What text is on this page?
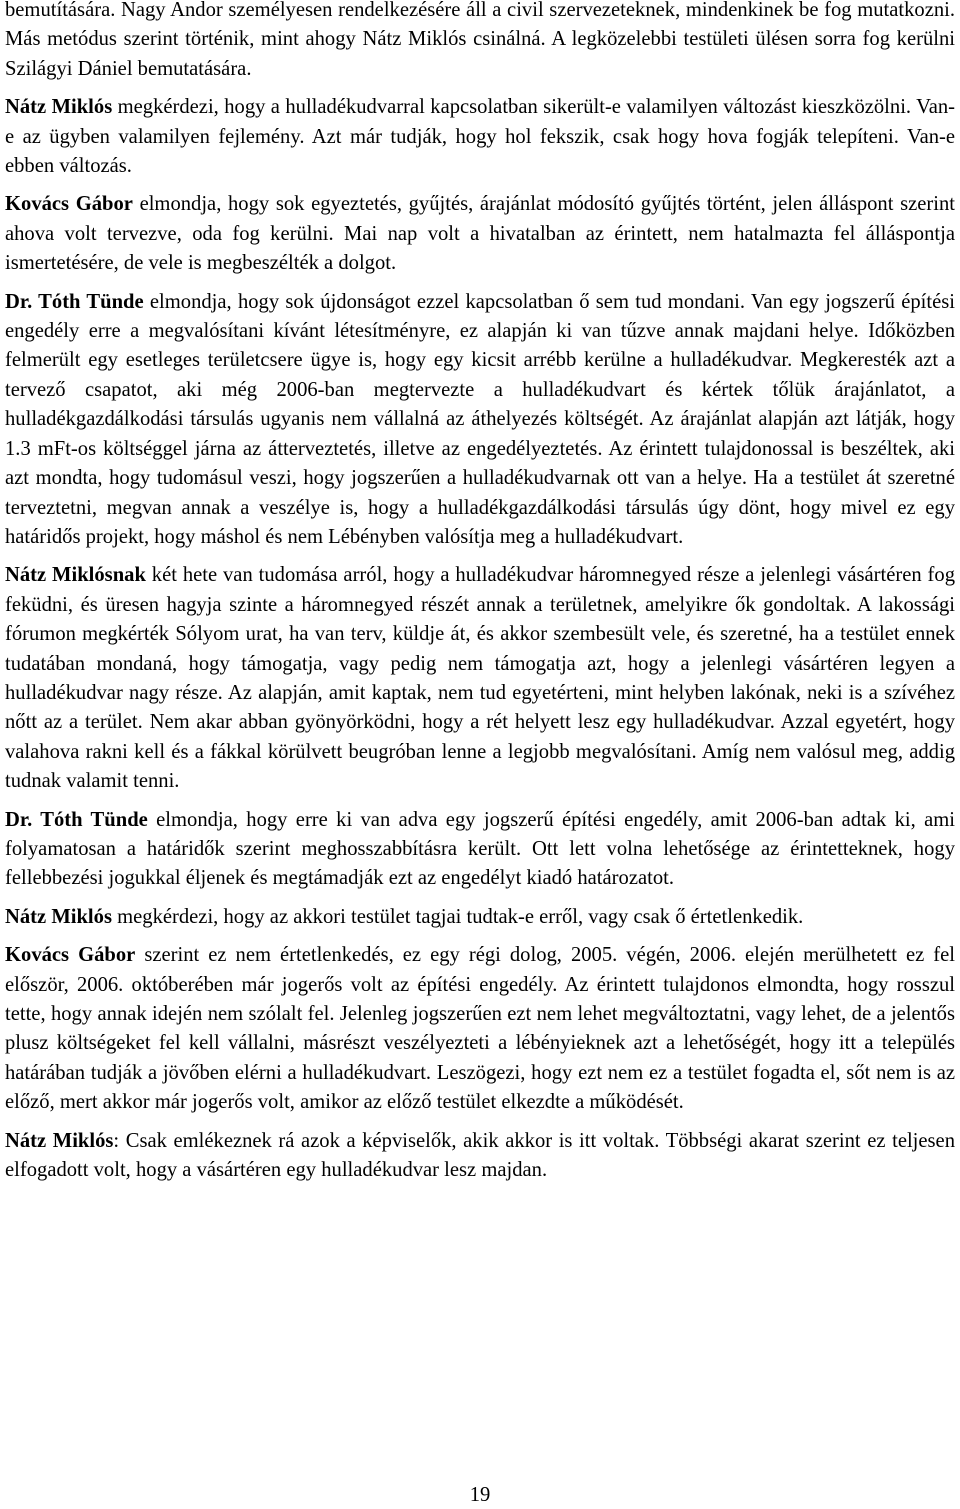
bemutítására. Nagy Andor személyesen rendelkezésére áll a civil szervezeteknek, mindenkinek be fog mutatkozni. Más metódus szerint történik, mint ahogy Nátz Miklós csinálná. A legközelebbi testületi ülésen sorra fog kerülni Szilágyi Dániel bemutatására.

Nátz Miklós megkérdezi, hogy a hulladékudvarral kapcsolatban sikerült-e valamilyen változást kieszközölni. Van-e az ügyben valamilyen fejlemény. Azt már tudják, hogy hol fekszik, csak hogy hova fogják telepíteni. Van-e ebben változás.

Kovács Gábor elmondja, hogy sok egyeztetés, gyűjtés, árajánlat módosító gyűjtés történt, jelen álláspont szerint ahova volt tervezve, oda fog kerülni. Mai nap volt a hivatalban az érintett, nem hatalmazta fel álláspontja ismertetésére, de vele is megbeszélték a dolgot.

Dr. Tóth Tünde elmondja, hogy sok újdonságot ezzel kapcsolatban ő sem tud mondani. Van egy jogszerű építési engedély erre a megvalósítani kívánt létesítményre, ez alapján ki van tűzve annak majdani helye. Időközben felmerült egy esetleges területcsere ügye is, hogy egy kicsit arrébb kerülne a hulladékudvar. Megkeresték azt a tervező csapatot, aki még 2006-ban megtervezte a hulladékudvart és kértek tőlük árajánlatot, a hulladékgazdálkodási társulás ugyanis nem vállalná az áthelyezés költségét. Az árajánlat alapján azt látják, hogy 1.3 mFt-os költséggel járna az átterveztetés, illetve az engedélyeztetés. Az érintett tulajdonossal is beszéltek, aki azt mondta, hogy tudomásul veszi, hogy jogszerűen a hulladékudvarnak ott van a helye. Ha a testület át szeretné terveztetni, megvan annak a veszélye is, hogy a hulladékgazdálkodási társulás úgy dönt, hogy mivel ez egy határidős projekt, hogy máshol és nem Lébényben valósítja meg a hulladékudvart.

Nátz Miklósnak két hete van tudomása arról, hogy a hulladékudvar háromnegyed része a jelenlegi vásártéren fog feküdni, és üresen hagyja szinte a háromnegyed részét annak a területnek, amelyikre ők gondoltak. A lakossági fórumon megkérték Sólyom urat, ha van terv, küldje át, és akkor szembesült vele, és szeretné, ha a testület ennek tudatában mondaná, hogy támogatja, vagy pedig nem támogatja azt, hogy a jelenlegi vásártéren legyen a hulladékudvar nagy része. Az alapján, amit kaptak, nem tud egyetérteni, mint helyben lakónak, neki is a szívéhez nőtt az a terület. Nem akar abban gyönyörködni, hogy a rét helyett lesz egy hulladékudvar. Azzal egyetért, hogy valahova rakni kell és a fákkal körülvett beugróban lenne a legjobb megvalósítani. Amíg nem valósul meg, addig tudnak valamit tenni.

Dr. Tóth Tünde elmondja, hogy erre ki van adva egy jogszerű építési engedély, amit 2006-ban adtak ki, ami folyamatosan a határidők szerint meghosszabbításra került. Ott lett volna lehetősége az érintetteknek, hogy fellebbezési jogukkal éljenek és megtámadják ezt az engedélyt kiadó határozatot.

Nátz Miklós megkérdezi, hogy az akkori testület tagjai tudtak-e erről, vagy csak ő értetlenkedik.

Kovács Gábor szerint ez nem értetlenkedés, ez egy régi dolog, 2005. végén, 2006. elején merülhetett ez fel először, 2006. októberében már jogerős volt az építési engedély. Az érintett tulajdonos elmondta, hogy rosszul tette, hogy annak idején nem szólalt fel. Jelenleg jogszerűen ezt nem lehet megváltoztatni, vagy lehet, de a jelentős plusz költségeket fel kell vállalni, másrészt veszélyezteti a lébényieknek azt a lehetőségét, hogy itt a település határában tudják a jövőben elérni a hulladékudvart. Leszögezi, hogy ezt nem ez a testület fogadta el, sőt nem is az előző, mert akkor már jogerős volt, amikor az előző testület elkezdte a működését.

Nátz Miklós: Csak emlékeznek rá azok a képviselők, akik akkor is itt voltak. Többségi akarat szerint ez teljesen elfogadott volt, hogy a vásártéren egy hulladékudvar lesz majdan.

19
